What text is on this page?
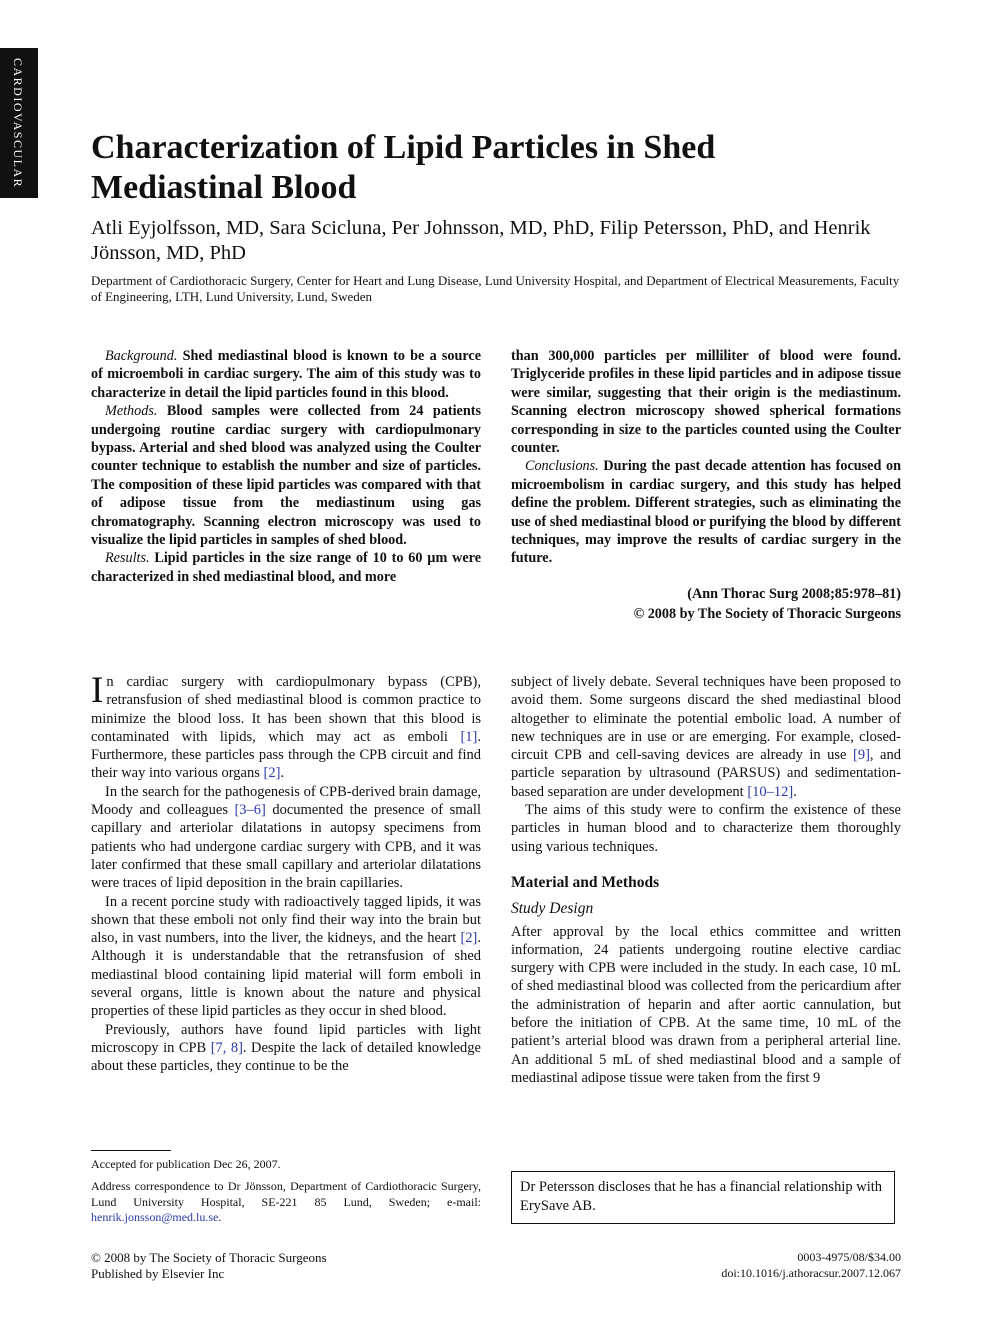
CARDIOVASCULAR Characterization of Lipid Particles in Shed Mediastinal Blood
Atli Eyjolfsson, MD, Sara Scicluna, Per Johnsson, MD, PhD, Filip Petersson, PhD, and Henrik Jönsson, MD, PhD
Department of Cardiothoracic Surgery, Center for Heart and Lung Disease, Lund University Hospital, and Department of Electrical Measurements, Faculty of Engineering, LTH, Lund University, Lund, Sweden

Background. Shed mediastinal blood is known to be a source of microemboli in cardiac surgery. The aim of this study was to characterize in detail the lipid particles found in this blood.

Methods. Blood samples were collected from 24 patients undergoing routine cardiac surgery with cardiopulmonary bypass. Arterial and shed blood was analyzed using the Coulter counter technique to establish the number and size of particles. The composition of these lipid particles was compared with that of adipose tissue from the mediastinum using gas chromatography. Scanning electron microscopy was used to visualize the lipid particles in samples of shed blood.

Results. Lipid particles in the size range of 10 to 60 µm were characterized in shed mediastinal blood, and more

than 300,000 particles per milliliter of blood were found. Triglyceride profiles in these lipid particles and in adipose tissue were similar, suggesting that their origin is the mediastinum. Scanning electron microscopy showed spherical formations corresponding in size to the particles counted using the Coulter counter.

Conclusions. During the past decade attention has focused on microembolism in cardiac surgery, and this study has helped define the problem. Different strategies, such as eliminating the use of shed mediastinal blood or purifying the blood by different techniques, may improve the results of cardiac surgery in the future.

(Ann Thorac Surg 2008;85:978–81)
© 2008 by The Society of Thoracic Surgeons

In cardiac surgery with cardiopulmonary bypass (CPB), retransfusion of shed mediastinal blood is common practice to minimize the blood loss. It has been shown that this blood is contaminated with lipids, which may act as emboli [1]. Furthermore, these particles pass through the CPB circuit and find their way into various organs [2].

In the search for the pathogenesis of CPB-derived brain damage, Moody and colleagues [3–6] documented the presence of small capillary and arteriolar dilatations in autopsy specimens from patients who had undergone cardiac surgery with CPB, and it was later confirmed that these small capillary and arteriolar dilatations were traces of lipid deposition in the brain capillaries.

In a recent porcine study with radioactively tagged lipids, it was shown that these emboli not only find their way into the brain but also, in vast numbers, into the liver, the kidneys, and the heart [2]. Although it is understandable that the retransfusion of shed mediastinal blood containing lipid material will form emboli in several organs, little is known about the nature and physical properties of these lipid particles as they occur in shed blood.

Previously, authors have found lipid particles with light microscopy in CPB [7, 8]. Despite the lack of detailed knowledge about these particles, they continue to be the

subject of lively debate. Several techniques have been proposed to avoid them. Some surgeons discard the shed mediastinal blood altogether to eliminate the potential embolic load. A number of new techniques are in use or are emerging. For example, closed-circuit CPB and cell-saving devices are already in use [9], and particle separation by ultrasound (PARSUS) and sedimentation-based separation are under development [10–12].

The aims of this study were to confirm the existence of these particles in human blood and to characterize them thoroughly using various techniques.

Material and Methods
Study Design

After approval by the local ethics committee and written information, 24 patients undergoing routine elective cardiac surgery with CPB were included in the study. In each case, 10 mL of shed mediastinal blood was collected from the pericardium after the administration of heparin and after aortic cannulation, but before the initiation of CPB. At the same time, 10 mL of the patient’s arterial blood was drawn from a peripheral arterial line. An additional 5 mL of shed mediastinal blood and a sample of mediastinal adipose tissue were taken from the first 9

Accepted for publication Dec 26, 2007.

Address correspondence to Dr Jönsson, Department of Cardiothoracic Surgery, Lund University Hospital, SE-221 85 Lund, Sweden; e-mail: henrik.jonsson@med.lu.se.

Dr Petersson discloses that he has a financial relationship with ErySave AB.
© 2008 by The Society of Thoracic Surgeons
Published by Elsevier Inc
0003-4975/08/$34.00
doi:10.1016/j.athoracsur.2007.12.067
